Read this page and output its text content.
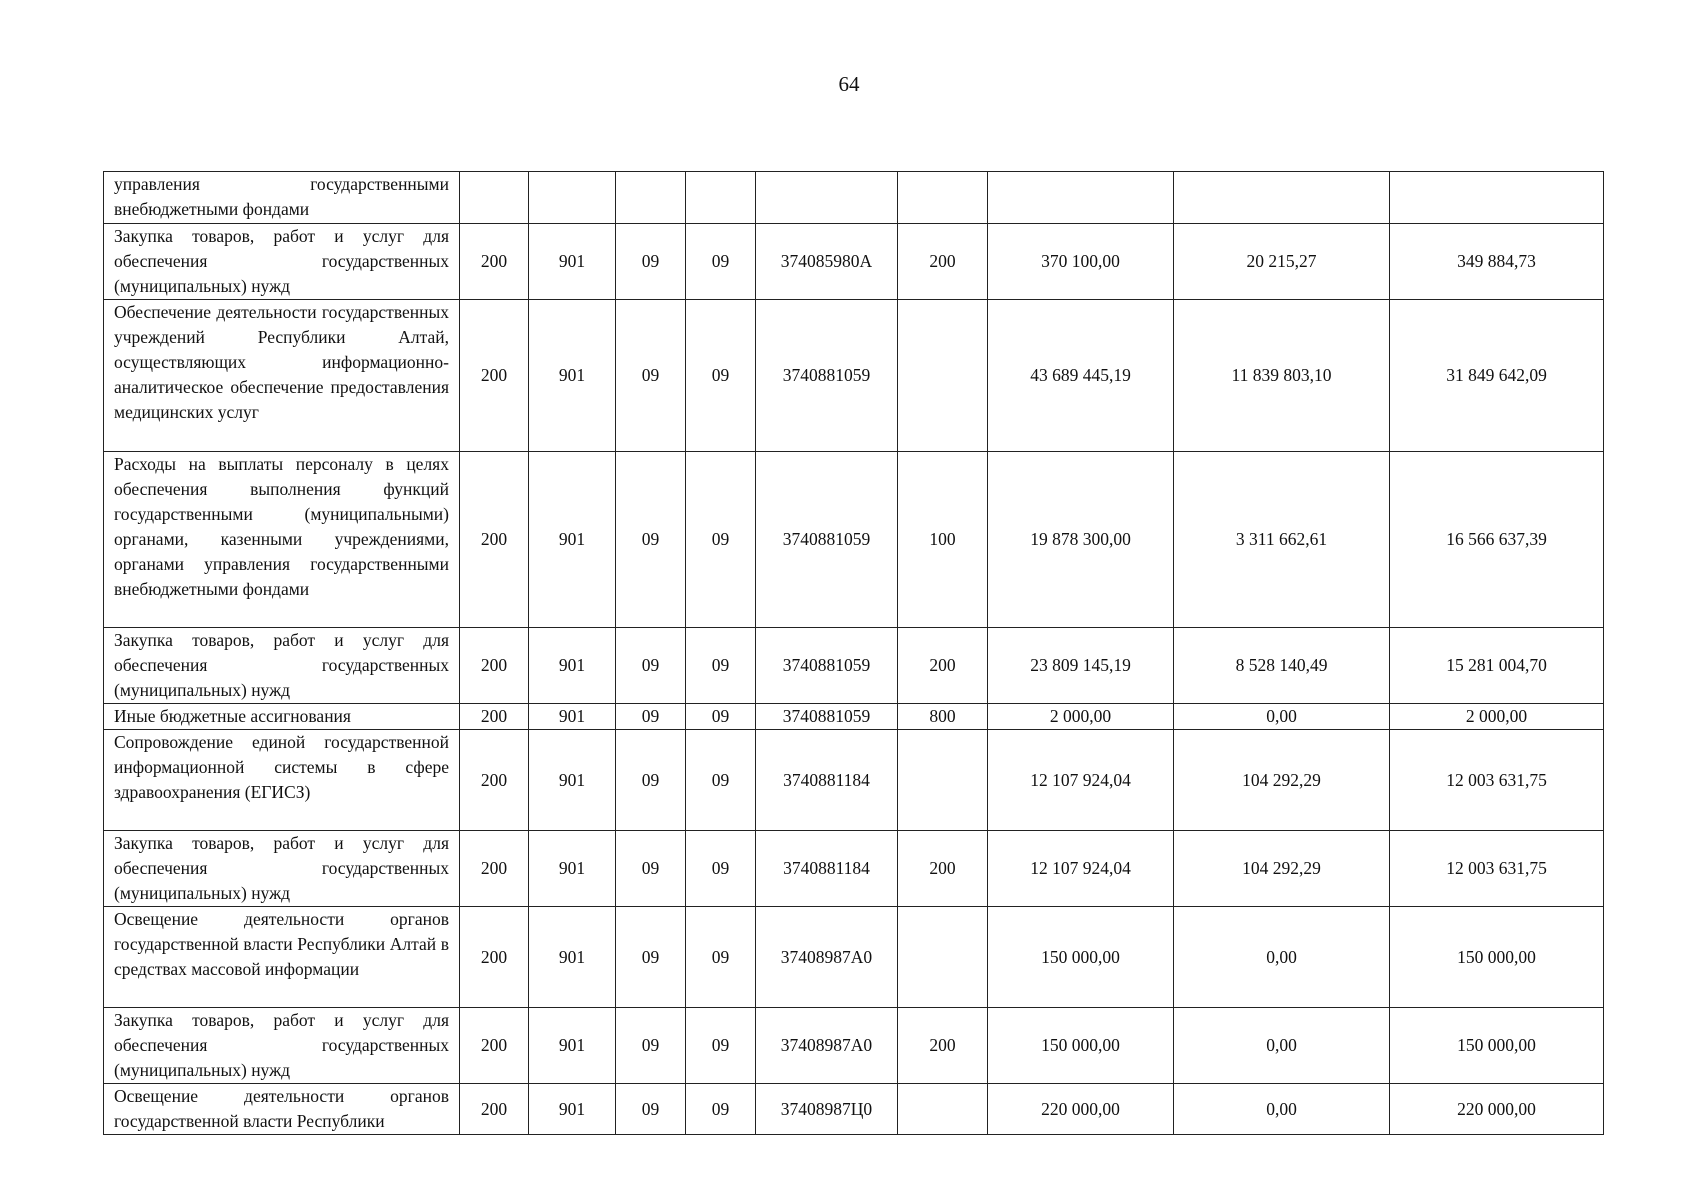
64
управления государственными внебюджетными фондами									
Закупка товаров, работ и услуг для обеспечения государственных (муниципальных) нужд	200	901	09	09	374085980А	200	370 100,00	20 215,27	349 884,73
Обеспечение деятельности государственных учреждений Республики Алтай, осуществляющих информационно-аналитическое обеспечение предоставления медицинских услуг	200	901	09	09	3740881059		43 689 445,19	11 839 803,10	31 849 642,09
Расходы на выплаты персоналу в целях обеспечения выполнения функций государственными (муниципальными) органами, казенными учреждениями, органами управления государственными внебюджетными фондами	200	901	09	09	3740881059	100	19 878 300,00	3 311 662,61	16 566 637,39
Закупка товаров, работ и услуг для обеспечения государственных (муниципальных) нужд	200	901	09	09	3740881059	200	23 809 145,19	8 528 140,49	15 281 004,70
Иные бюджетные ассигнования	200	901	09	09	3740881059	800	2 000,00	0,00	2 000,00
Сопровождение единой государственной информационной системы в сфере здравоохранения (ЕГИСЗ)	200	901	09	09	3740881184		12 107 924,04	104 292,29	12 003 631,75
Закупка товаров, работ и услуг для обеспечения государственных (муниципальных) нужд	200	901	09	09	3740881184	200	12 107 924,04	104 292,29	12 003 631,75
Освещение деятельности органов государственной власти Республики Алтай в средствах массовой информации	200	901	09	09	37408987А0		150 000,00	0,00	150 000,00
Закупка товаров, работ и услуг для обеспечения государственных (муниципальных) нужд	200	901	09	09	37408987А0	200	150 000,00	0,00	150 000,00
Освещение деятельности органов государственной власти Республики	200	901	09	09	37408987Ц0		220 000,00	0,00	220 000,00
